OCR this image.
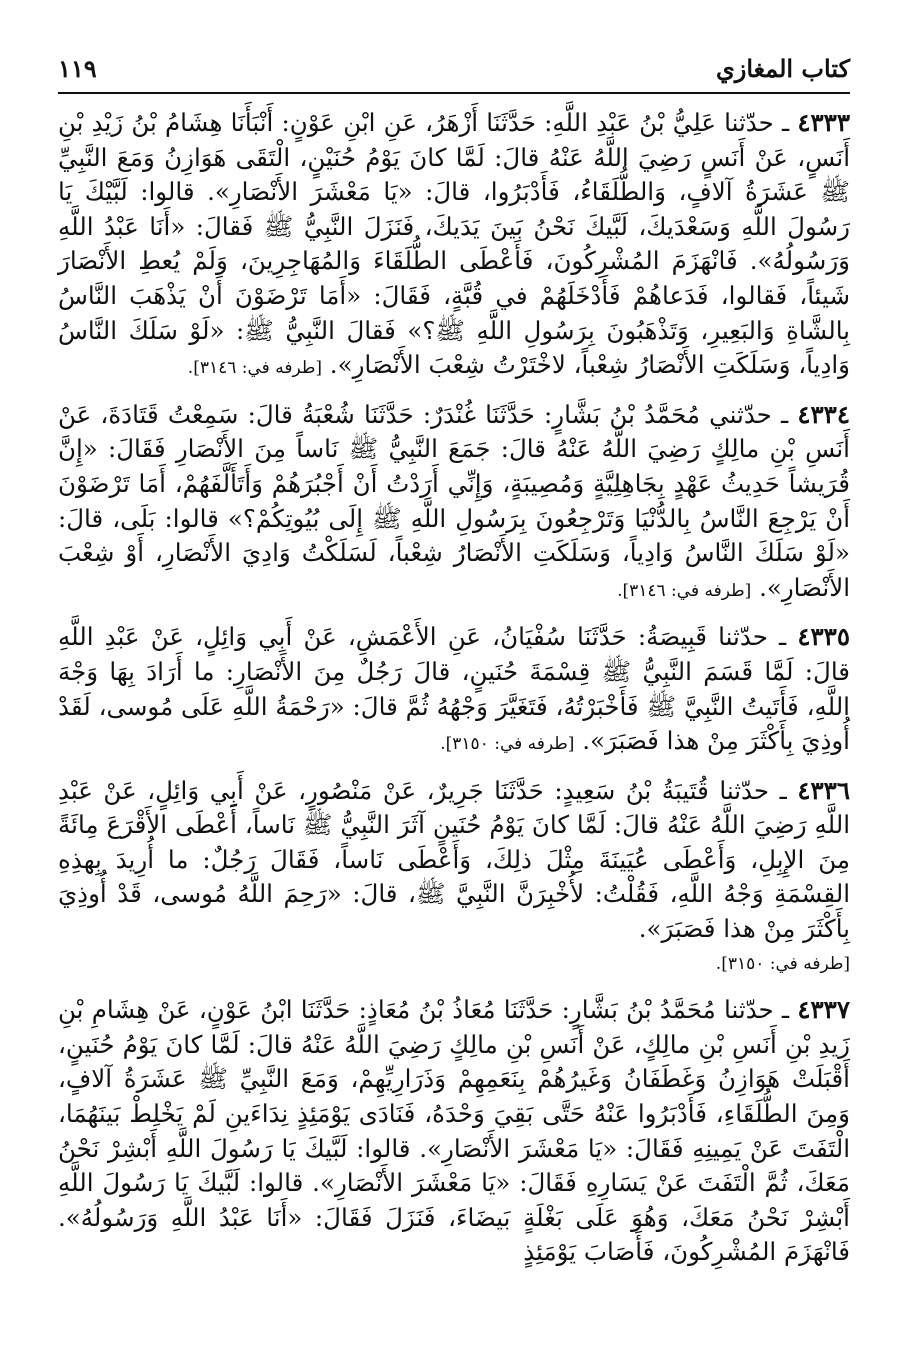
كتاب المغازي
١١٩

٤٣٣٣ ـ حدّثنا عَلِيُّ بْنُ عَبْدِ اللَّهِ: حَدَّثَنَا أَزْهَرُ، عَنِ ابْنِ عَوْنٍ: أَنْبَأَنَا هِشَامُ بْنُ زَيْدِ بْنِ أَنَسٍ، عَنْ أَنَسٍ رَضِيَ اللَّهُ عَنْهُ قالَ: لَمَّا كانَ يَوْمُ حُنَيْنٍ، الْتَقَى هَوَازِنُ وَمَعَ النَّبِيِّ ﷺ عَشَرَةُ آلافٍ، وَالطُّلَقَاءُ، فَأَدْبَرُوا، قالَ: «يَا مَعْشَرَ الأَنْصَارِ». قالوا: لَبَّيْكَ يَا رَسُولَ اللَّهِ وَسَعْدَيكَ، لَبَّيكَ نَحْنُ بَينَ يَدَيكَ، فَنَزَلَ النَّبِيُّ ﷺ فَقالَ: «أَنَا عَبْدُ اللَّهِ وَرَسُولُهُ». فَانْهَزَمَ المُشْرِكُونَ، فَأَعْطَى الطُّلَقَاءَ وَالمُهَاجِرِينَ، وَلَمْ يُعطِ الأَنْصَارَ شَيئاً، فَقالوا، فَدَعاهُمْ فَأَدْخَلَهُمْ في قُبَّةٍ، فَقَالَ: «أَمَا تَرْضَوْنَ أَنْ يَذْهَبَ النَّاسُ بِالشَّاةِ وَالبَعِيرِ، وَتَذْهَبُونَ بِرَسُولِ اللَّهِ ﷺ؟» فَقالَ النَّبِيُّ ﷺ: «لَوْ سَلَكَ النَّاسُ وَادِياً، وَسَلَكَتِ الأَنْصَارُ شِعْباً، لاخْتَرْتُ شِعْبَ الأَنْصَارِ». [طرفه في: ٣١٤٦].

٤٣٣٤ ـ حدّثني مُحَمَّدُ بْنُ بَشَّارٍ: حَدَّثَنَا غُنْدَرٌ: حَدَّثَنَا شُعْبَةُ قالَ: سَمِعْتُ قَتَادَةَ، عَنْ أَنَسِ بْنِ مالِكٍ رَضِيَ اللَّهُ عَنْهُ قالَ: جَمَعَ النَّبِيُّ ﷺ نَاساً مِنَ الأَنْصَارِ فَقَالَ: «إِنَّ قُرَيشاً حَدِيثُ عَهْدٍ بِجَاهِلِيَّةٍ وَمُصِيبَةٍ، وَإِنِّي أَرَدْتُ أَنْ أَجْبُرَهُمْ وَأَتَأَلَّفَهُمْ، أَمَا تَرْضَوْنَ أَنْ يَرْجِعَ النَّاسُ بِالدُّنْيَا وَتَرْجِعُونَ بِرَسُولِ اللَّهِ ﷺ إِلَى بُيُوتِكُمْ؟» قالوا: بَلَى، قالَ: «لَوْ سَلَكَ النَّاسُ وَادِياً، وَسَلَكَتِ الأَنْصَارُ شِعْباً، لَسَلَكْتُ وَادِيَ الأَنْصَارِ، أَوْ شِعْبَ الأَنْصَارِ». [طرفه في: ٣١٤٦].

٤٣٣٥ ـ حدّثنا قَبِيصَةُ: حَدَّثَنَا سُفْيَانُ، عَنِ الأَعْمَشِ، عَنْ أَبِي وَائِلٍ، عَنْ عَبْدِ اللَّهِ قالَ: لَمَّا قَسَمَ النَّبِيُّ ﷺ قِسْمَةَ حُنَينٍ، قالَ رَجُلٌ مِنَ الأَنْصَارِ: ما أَرَادَ بِهَا وَجْهَ اللَّهِ، فَأَتَيتُ النَّبِيَّ ﷺ فَأَخْبَرْتُهُ، فَتَغَيَّرَ وَجْهُهُ ثُمَّ قالَ: «رَحْمَةُ اللَّهِ عَلَى مُوسى، لَقَدْ أُوذِيَ بِأَكْثَرَ مِنْ هذا فَصَبَرَ». [طرفه في: ٣١٥٠].

٤٣٣٦ ـ حدّثنا قُتَيبَةُ بْنُ سَعِيدٍ: حَدَّثَنَا جَرِيرٌ، عَنْ مَنْصُورٍ، عَنْ أَبِي وَائِلٍ، عَنْ عَبْدِ اللَّهِ رَضِيَ اللَّهُ عَنْهُ قالَ: لَمَّا كانَ يَوْمُ حُنَينٍ آثَرَ النَّبِيُّ ﷺ نَاساً، أَعْطَى الأَقْرَعَ مِائَةً مِنَ الإِبِلِ، وَأَعْطَى عُيَينَةَ مِثْلَ ذلِكَ، وَأَعْطَى نَاساً، فَقَالَ رَجُلٌ: ما أُرِيدَ بِهذِهِ القِسْمَةِ وَجْهُ اللَّهِ، فَقُلْتُ: لأُخْبِرَنَّ النَّبِيَّ ﷺ، قالَ: «رَحِمَ اللَّهُ مُوسى، قَدْ أُوذِيَ بِأَكْثَرَ مِنْ هذا فَصَبَرَ».
[طرفه في: ٣١٥٠].

٤٣٣٧ ـ حدّثنا مُحَمَّدُ بْنُ بَشَّارٍ: حَدَّثَنَا مُعَاذُ بْنُ مُعَاذٍ: حَدَّثَنَا ابْنُ عَوْنٍ، عَنْ هِشَامِ بْنِ زَيدِ بْنِ أَنَسِ بْنِ مالِكٍ، عَنْ أَنَسِ بْنِ مالِكٍ رَضِيَ اللَّهُ عَنْهُ قالَ: لَمَّا كانَ يَوْمُ حُنَينٍ، أَقْبَلَتْ هَوَازِنُ وَغَطَفَانُ وَغَيرُهُمْ بِنَعَمِهِمْ وَذَرَارِيِّهِمْ، وَمَعَ النَّبِيِّ ﷺ عَشَرَةُ آلافٍ، وَمِنَ الطُّلَقَاءِ، فَأَدْبَرُوا عَنْهُ حَتَّى بَقِيَ وَحْدَهُ، فَنَادَى يَوْمَئِذٍ نِدَاءَينِ لَمْ يَخْلِطْ بَينَهُمَا، الْتَفَتَ عَنْ يَمِينِهِ فَقَالَ: «يَا مَعْشَرَ الأَنْصَارِ». قالوا: لَبَّيكَ يَا رَسُولَ اللَّهِ أَبْشِرْ نَحْنُ مَعَكَ، ثُمَّ الْتَفَتَ عَنْ يَسَارِهِ فَقَالَ: «يَا مَعْشَرَ الأَنْصَارِ». قالوا: لَبَّيكَ يَا رَسُولَ اللَّهِ أَبْشِرْ نَحْنُ مَعَكَ، وَهُوَ عَلَى بَغْلَةٍ بَيضَاءَ، فَنَزَلَ فَقَالَ: «أَنَا عَبْدُ اللَّهِ وَرَسُولُهُ». فَانْهَزَمَ المُشْرِكُونَ، فَأَصَابَ يَوْمَئِذٍ
